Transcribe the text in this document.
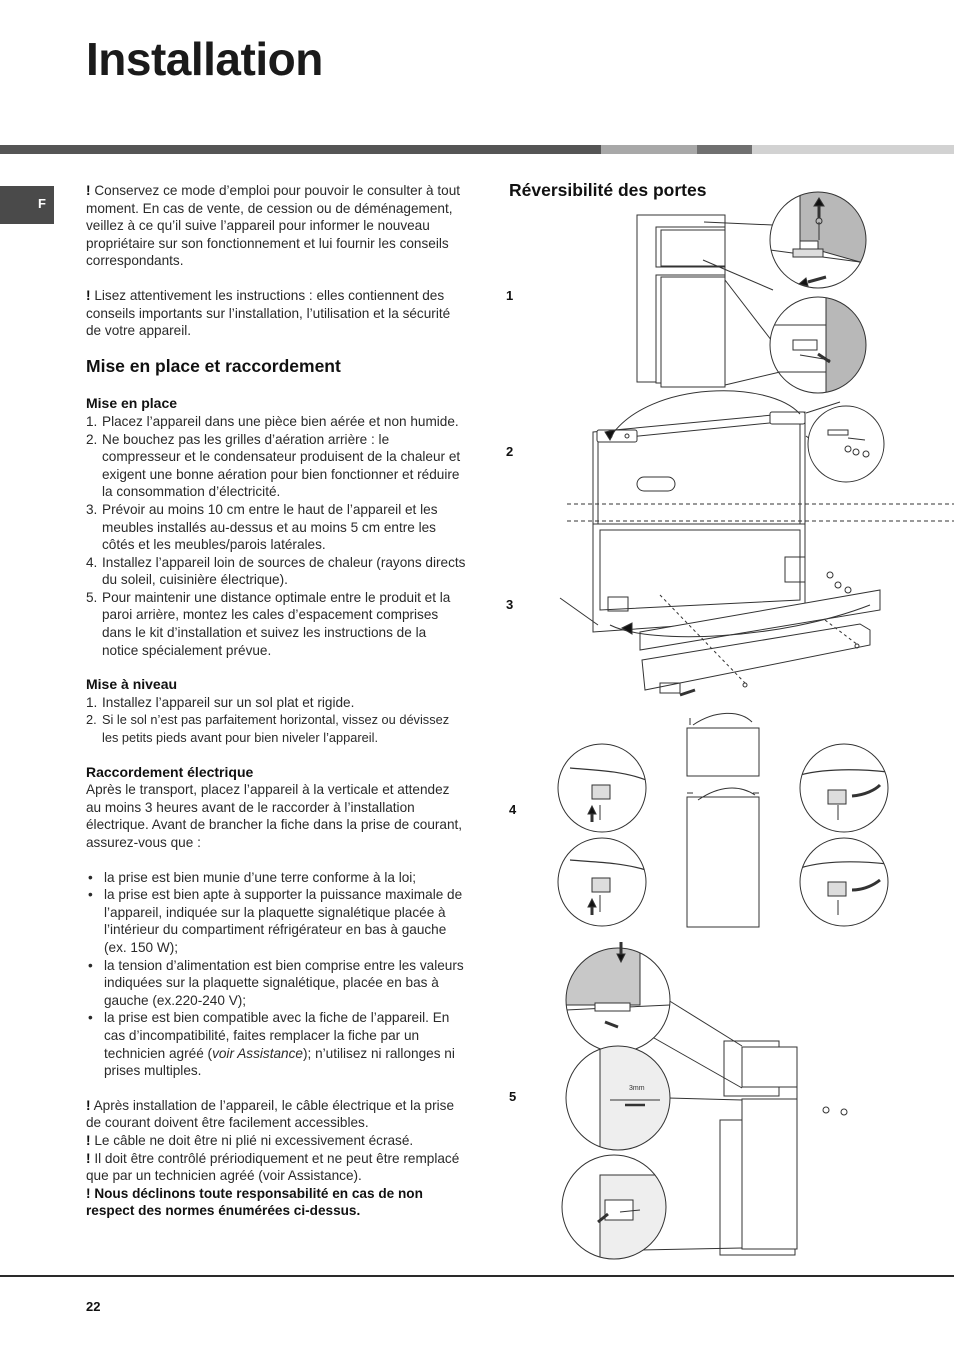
Installation
F

! Conservez ce mode d’emploi pour pouvoir le consulter à tout moment. En cas de vente, de cession ou de déménagement, veillez à ce qu’il suive l’appareil pour informer le nouveau propriétaire sur son fonctionnement et lui fournir les conseils correspondants.

! Lisez attentivement les instructions : elles contiennent des conseils importants sur l’installation, l’utilisation et la sécurité de votre appareil.

Mise en place et raccordement
Mise en place
1. Placez l’appareil dans une pièce bien aérée et non humide.
2. Ne bouchez pas les grilles d’aération arrière : le compresseur et le condensateur produisent de la chaleur et exigent une bonne aération pour bien fonctionner et réduire la consommation d’électricité.
3. Prévoir au moins 10 cm entre le haut de l’appareil et les meubles installés au-dessus et au moins 5 cm entre les côtés et les meubles/parois latérales.
4. Installez l’appareil loin de sources de chaleur (rayons directs du soleil, cuisinière électrique).
5. Pour maintenir une distance optimale entre le produit et la paroi arrière, montez les cales d’espacement comprises dans le kit d’installation et suivez les instructions de la notice spécialement prévue.
Mise à niveau
1. Installez l’appareil sur un sol plat et rigide.
2. Si le sol n’est pas parfaitement horizontal, vissez ou dévissez les petits pieds avant pour bien niveler l’appareil.
Raccordement électrique

Après le transport, placez l’appareil à la verticale et attendez au moins 3 heures avant de le raccorder à l’installation électrique. Avant de brancher la fiche dans la prise de courant, assurez-vous que :

• la prise est bien munie d’une terre conforme à la loi;
• la prise est bien apte à supporter la puissance maximale de l’appareil, indiquée sur la plaquette signalétique placée à l’intérieur du compartiment réfrigérateur en bas à gauche (ex. 150 W);
• la tension d’alimentation est bien comprise entre les valeurs indiquées sur la plaquette signalétique, placée en bas à gauche (ex.220-240 V);
• la prise est bien compatible avec la fiche de l’appareil. En cas d’incompatibilité, faites remplacer la fiche par un technicien agréé (voir Assistance); n’utilisez ni rallonges ni prises multiples.

! Après installation de l’appareil, le câble électrique et la prise de courant doivent être facilement accessibles.

! Le câble ne doit être ni plié ni excessivement écrasé.

! Il doit être contrôlé prériodiquement et ne peut être remplacé que par un technicien agréé (voir Assistance).

! Nous déclinons toute responsabilité en cas de non respect des normes énumérées ci-dessus.

Réversibilité des portes
1
2
3
4
5
3mm
22
